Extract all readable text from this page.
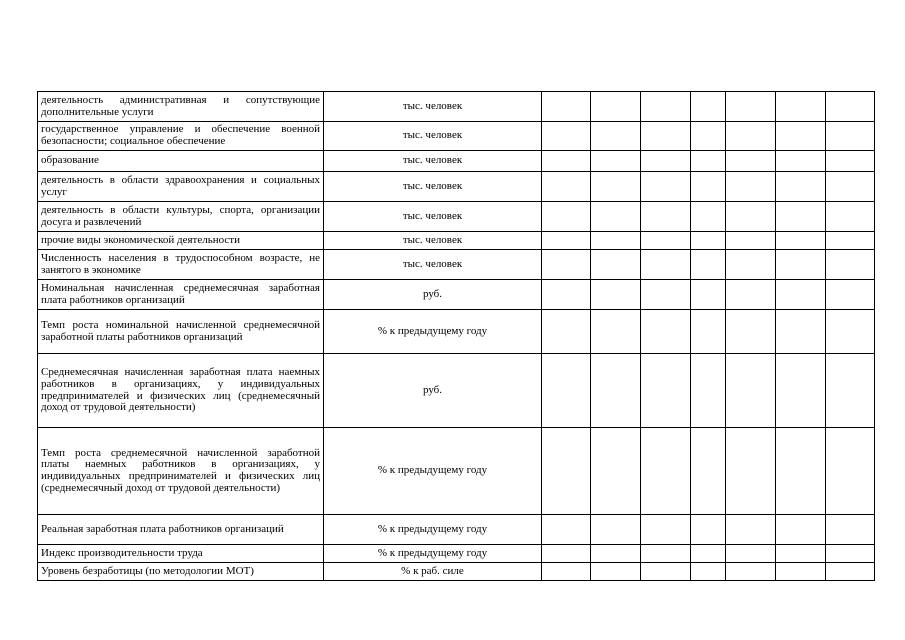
деятельность административная и сопутствующие дополнительные услуги	тыс. человек							
государственное управление и обеспечение военной безопасности; социальное обеспечение	тыс. человек							
образование	тыс. человек							
деятельность в области здравоохранения и социальных услуг	тыс. человек							
деятельность в области культуры, спорта, организации досуга и развлечений	тыс. человек							
прочие виды экономической деятельности	тыс. человек							
Численность населения в трудоспособном возрасте, не занятого в экономике	тыс. человек							
Номинальная начисленная среднемесячная заработная плата работников организаций	руб.							
Темп роста номинальной начисленной среднемесячной заработной платы работников организаций	% к предыдущему году							
Среднемесячная начисленная заработная плата наемных работников в организациях, у индивидуальных предпринимателей и физических лиц (среднемесячный доход от трудовой деятельности)	руб.							
Темп роста среднемесячной начисленной заработной платы наемных работников в организациях, у индивидуальных предпринимателей и физических лиц (среднемесячный доход от трудовой деятельности)	% к предыдущему году							
Реальная заработная плата работников организаций	% к предыдущему году							
Индекс производительности труда	% к предыдущему году							
Уровень безработицы (по методологии МОТ)	% к раб. силе							
